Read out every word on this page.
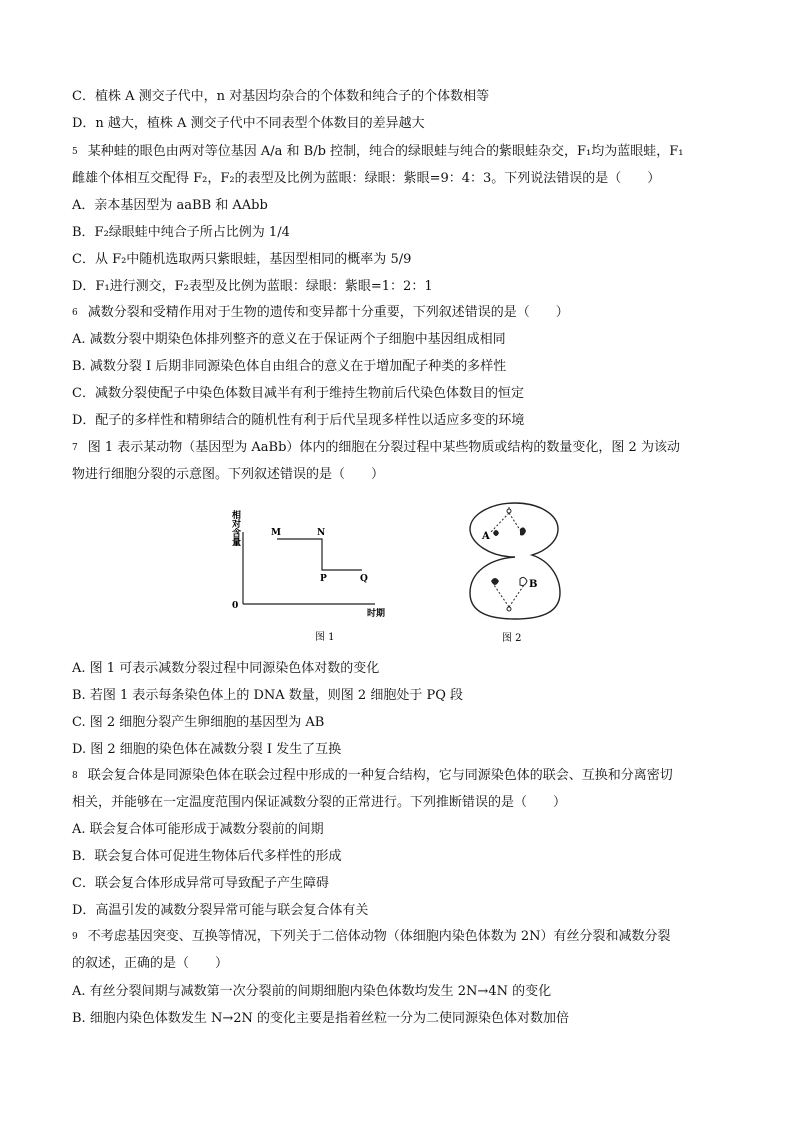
C．植株 A 测交子代中，n 对基因均杂合的个体数和纯合子的个体数相等
D．n 越大，植株 A 测交子代中不同表型个体数目的差异越大
5 某种蛙的眼色由两对等位基因 A/a 和 B/b 控制，纯合的绿眼蛙与纯合的紫眼蛙杂交，F₁均为蓝眼蛙，F₁
雌雄个体相互交配得 F₂，F₂的表型及比例为蓝眼：绿眼：紫眼=9：4：3。下列说法错误的是（　　）
A．亲本基因型为 aaBB 和 AAbb
B．F₂绿眼蛙中纯合子所占比例为 1/4
C．从 F₂中随机选取两只紫眼蛙，基因型相同的概率为 5/9
D．F₁进行测交，F₂表型及比例为蓝眼：绿眼：紫眼=1：2：1
6 减数分裂和受精作用对于生物的遗传和变异都十分重要，下列叙述错误的是（　　）
A. 减数分裂中期染色体排列整齐的意义在于保证两个子细胞中基因组成相同
B. 减数分裂 Ⅰ 后期非同源染色体自由组合的意义在于增加配子种类的多样性
C．减数分裂使配子中染色体数目减半有利于维持生物前后代染色体数目的恒定
D．配子的多样性和精卵结合的随机性有利于后代呈现多样性以适应多变的环境
7 图 1 表示某动物（基因型为 AaBb）体内的细胞在分裂过程中某些物质或结构的数量变化，图 2 为该动
物进行细胞分裂的示意图。下列叙述错误的是（　　）
相对含量
0
M	N
P	Q
时期
图 1
A
B
图 2
A. 图 1 可表示减数分裂过程中同源染色体对数的变化
B. 若图 1 表示每条染色体上的 DNA 数量，则图 2 细胞处于 PQ 段
C. 图 2 细胞分裂产生卵细胞的基因型为 AB
D. 图 2 细胞的染色体在减数分裂 Ⅰ 发生了互换
8 联会复合体是同源染色体在联会过程中形成的一种复合结构，它与同源染色体的联会、互换和分离密切
相关，并能够在一定温度范围内保证减数分裂的正常进行。下列推断错误的是（　　）
A. 联会复合体可能形成于减数分裂前的间期
B．联会复合体可促进生物体后代多样性的形成
C．联会复合体形成异常可导致配子产生障碍
D．高温引发的减数分裂异常可能与联会复合体有关
9 不考虑基因突变、互换等情况，下列关于二倍体动物（体细胞内染色体数为 2N）有丝分裂和减数分裂
的叙述，正确的是（　　）
A. 有丝分裂间期与减数第一次分裂前的间期细胞内染色体数均发生 2N→4N 的变化
B. 细胞内染色体数发生 N→2N 的变化主要是指着丝粒一分为二使同源染色体对数加倍
